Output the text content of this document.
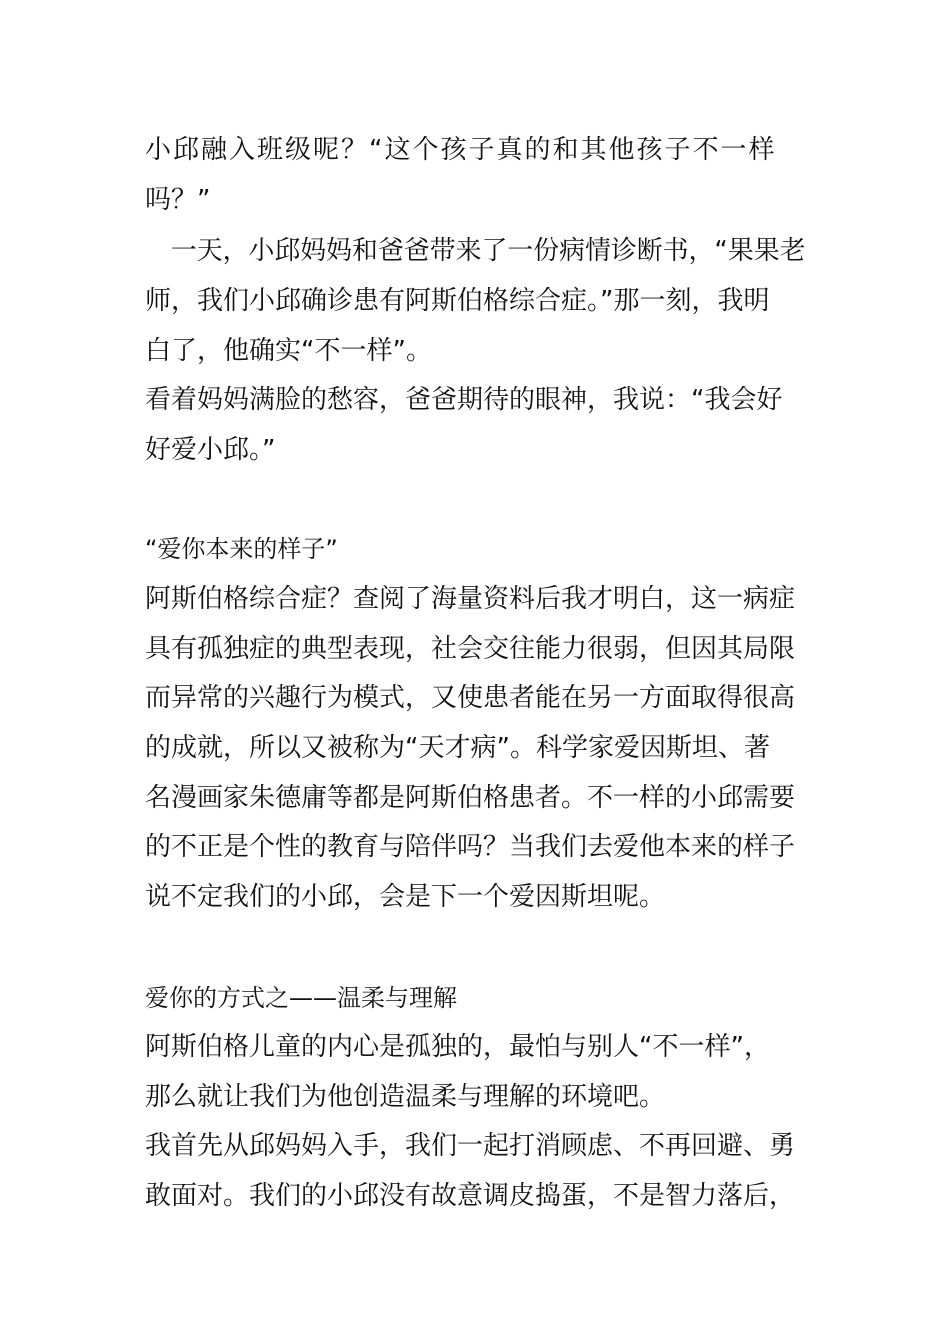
小邱融入班级呢？“这个孩子真的和其他孩子不一样
吗？”
　一天，小邱妈妈和爸爸带来了一份病情诊断书，“果果老
师，我们小邱确诊患有阿斯伯格综合症。”那一刻，我明
白了，他确实“不一样”。
看着妈妈满脸的愁容，爸爸期待的眼神，我说：“我会好
好爱小邱。”
“爱你本来的样子”
阿斯伯格综合症？查阅了海量资料后我才明白，这一病症
具有孤独症的典型表现，社会交往能力很弱，但因其局限
而异常的兴趣行为模式，又使患者能在另一方面取得很高
的成就，所以又被称为“天才病”。科学家爱因斯坦、著
名漫画家朱德庸等都是阿斯伯格患者。不一样的小邱需要
的不正是个性的教育与陪伴吗？当我们去爱他本来的样子
说不定我们的小邱，会是下一个爱因斯坦呢。
爱你的方式之——温柔与理解
阿斯伯格儿童的内心是孤独的，最怕与别人“不一样”，
那么就让我们为他创造温柔与理解的环境吧。
我首先从邱妈妈入手，我们一起打消顾虑、不再回避、勇
敢面对。我们的小邱没有故意调皮捣蛋，不是智力落后，
